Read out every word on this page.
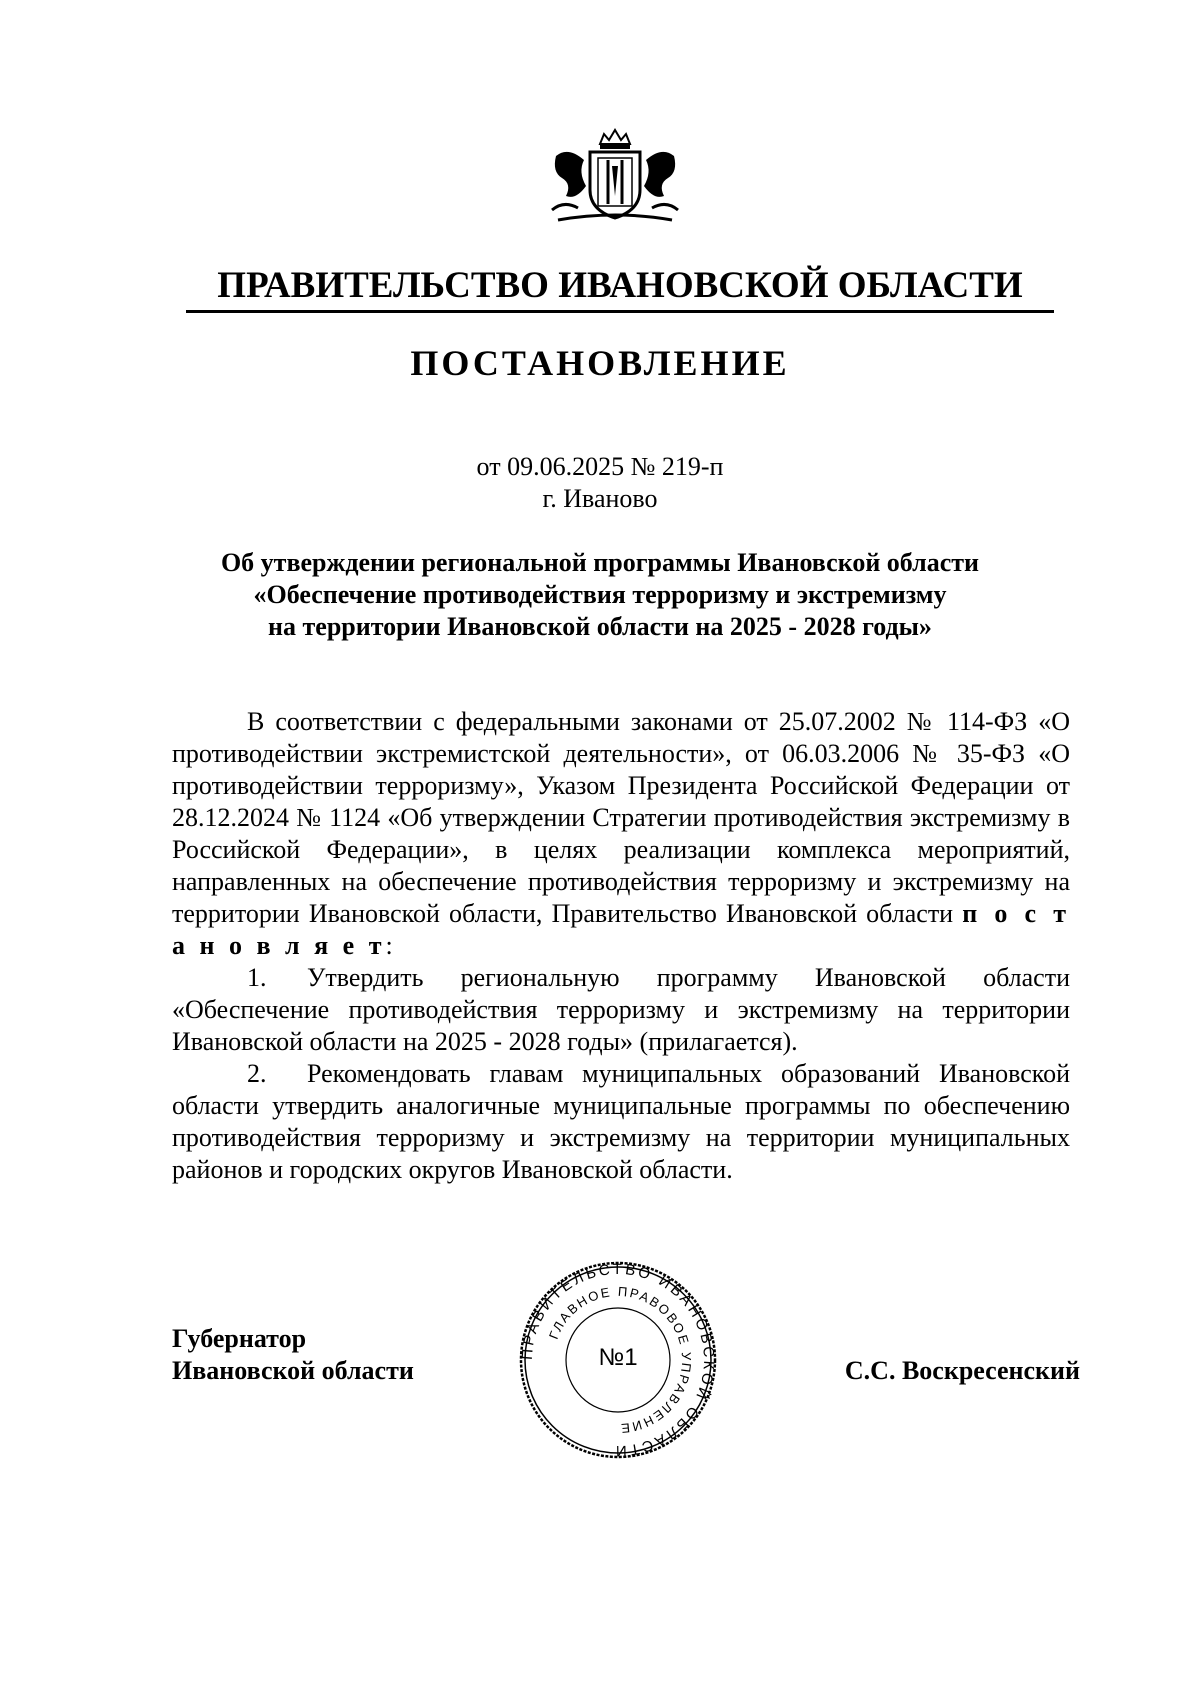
ПРАВИТЕЛЬСТВО ИВАНОВСКОЙ ОБЛАСТИ
ПОСТАНОВЛЕНИЕ
от 09.06.2025 № 219-п
г. Иваново
Об утверждении региональной программы Ивановской области
«Обеспечение противодействия терроризму и экстремизму
на территории Ивановской области на 2025 - 2028 годы»

В соответствии с федеральными законами от 25.07.2002 № 114-ФЗ «О противодействии экстремистской деятельности», от 06.03.2006 № 35-ФЗ «О противодействии терроризму», Указом Президента Российской Федерации от 28.12.2024 № 1124 «Об утверждении Стратегии противодействия экстремизму в Российской Федерации», в целях реализации комплекса мероприятий, направленных на обеспечение противодействия терроризму и экстремизму на территории Ивановской области, Правительство Ивановской области п о с т а н о в л я е т:

1. Утвердить региональную программу Ивановской области «Обеспечение противодействия терроризму и экстремизму на территории Ивановской области на 2025 - 2028 годы» (прилагается).

2. Рекомендовать главам муниципальных образований Ивановской области утвердить аналогичные муниципальные программы по обеспечению противодействия терроризму и экстремизму на территории муниципальных районов и городских округов Ивановской области.

Губернатор
Ивановской области
ПРАВИТЕЛЬСТВО ИВАНОВСКОЙ ОБЛАСТИ
ГЛАВНОЕ ПРАВОВОЕ УПРАВЛЕНИЕ
№1	С.С. Воскресенский
